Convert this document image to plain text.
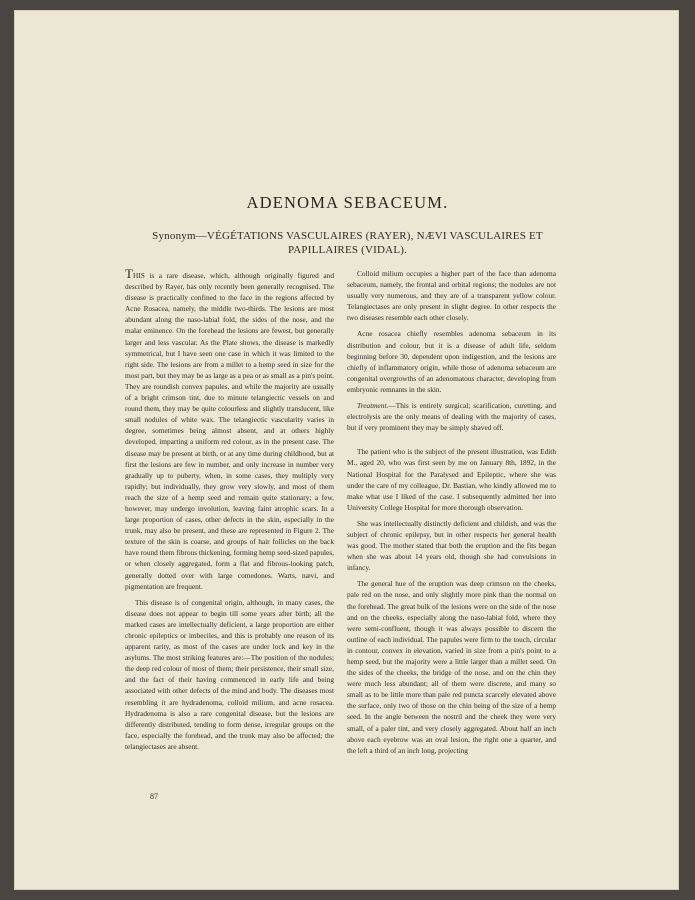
ADENOMA SEBACEUM.
Synonym—VÉGÉTATIONS VASCULAIRES (RAYER), NÆVI VASCULAIRES ET PAPILLAIRES (VIDAL).

THIS is a rare disease, which, although originally figured and described by Rayer, has only recently been generally recognised. The disease is practically confined to the face in the regions affected by Acne Rosacea, namely, the middle two-thirds. The lesions are most abundant along the naso-labial fold, the sides of the nose, and the malar eminence. On the forehead the lesions are fewest, but generally larger and less vascular. As the Plate shows, the disease is markedly symmetrical, but I have seen one case in which it was limited to the right side. The lesions are from a millet to a hemp seed in size for the most part, but they may be as large as a pea or as small as a pin's point. They are roundish convex papules, and while the majority are usually of a bright crimson tint, due to minute telangiectic vessels on and round them, they may be quite colourless and slightly translucent, like small nodules of white wax. The telangiectic vascularity varies in degree, sometimes being almost absent, and at others highly developed, imparting a uniform red colour, as in the present case. The disease may be present at birth, or at any time during childhood, but at first the lesions are few in number, and only increase in number very gradually up to puberty, when, in some cases, they multiply very rapidly; but individually, they grow very slowly, and most of them reach the size of a hemp seed and remain quite stationary; a few, however, may undergo involution, leaving faint atrophic scars. In a large proportion of cases, other defects in the skin, especially in the trunk, may also be present, and these are represented in Figure 2. The texture of the skin is coarse, and groups of hair follicles on the back have round them fibrous thickening, forming hemp seed-sized papules, or when closely aggregated, form a flat and fibrous-looking patch, generally dotted over with large comedones. Warts, nævi, and pigmentation are frequent.

This disease is of congenital origin, although, in many cases, the disease does not appear to begin till some years after birth; all the marked cases are intellectually deficient, a large proportion are either chronic epileptics or imbeciles, and this is probably one reason of its apparent rarity, as most of the cases are under lock and key in the asylums. The most striking features are:—The position of the nodules; the deep red colour of most of them; their persistence, their small size, and the fact of their having commenced in early life and being associated with other defects of the mind and body. The diseases most resembling it are hydradenoma, colloid milium, and acne rosacea. Hydradenoma is also a rare congenital disease, but the lesions are differently distributed, tending to form dense, irregular groups on the face, especially the forehead, and the trunk may also be affected; the telangiectases are absent.

Colloid milium occupies a higher part of the face than adenoma sebaceum, namely, the frontal and orbital regions; the nodules are not usually very numerous, and they are of a transparent yellow colour. Telangiectases are only present in slight degree. In other respects the two diseases resemble each other closely.

Acne rosacea chiefly resembles adenoma sebaceum in its distribution and colour, but it is a disease of adult life, seldom beginning before 30, dependent upon indigestion, and the lesions are chiefly of inflammatory origin, while those of adenoma sebaceum are congenital overgrowths of an adenomatous character, developing from embryonic remnants in the skin.

Treatment.—This is entirely surgical; scarification, curetting, and electrolysis are the only means of dealing with the majority of cases, but if very prominent they may be simply shaved off.

The patient who is the subject of the present illustration, was Edith M., aged 20, who was first seen by me on January 8th, 1892, in the National Hospital for the Paralysed and Epileptic, where she was under the care of my colleague, Dr. Bastian, who kindly allowed me to make what use I liked of the case. I subsequently admitted her into University College Hospital for more thorough observation.

She was intellectually distinctly deficient and childish, and was the subject of chronic epilepsy, but in other respects her general health was good. The mother stated that both the eruption and the fits began when she was about 14 years old, though she had convulsions in infancy.

The general hue of the eruption was deep crimson on the cheeks, pale red on the nose, and only slightly more pink than the normal on the forehead. The great bulk of the lesions were on the side of the nose and on the cheeks, especially along the naso-labial fold, where they were semi-confluent, though it was always possible to discern the outline of each individual. The papules were firm to the touch, circular in contour, convex in elevation, varied in size from a pin's point to a hemp seed, but the majority were a little larger than a millet seed. On the sides of the cheeks, the bridge of the nose, and on the chin they were much less abundant; all of them were discrete, and many so small as to be little more than pale red puncta scarcely elevated above the surface, only two of those on the chin being of the size of a hemp seed. In the angle between the nostril and the cheek they were very small, of a paler tint, and very closely aggregated. About half an inch above each eyebrow was an oval lesion, the right one a quarter, and the left a third of an inch long, projecting

87
